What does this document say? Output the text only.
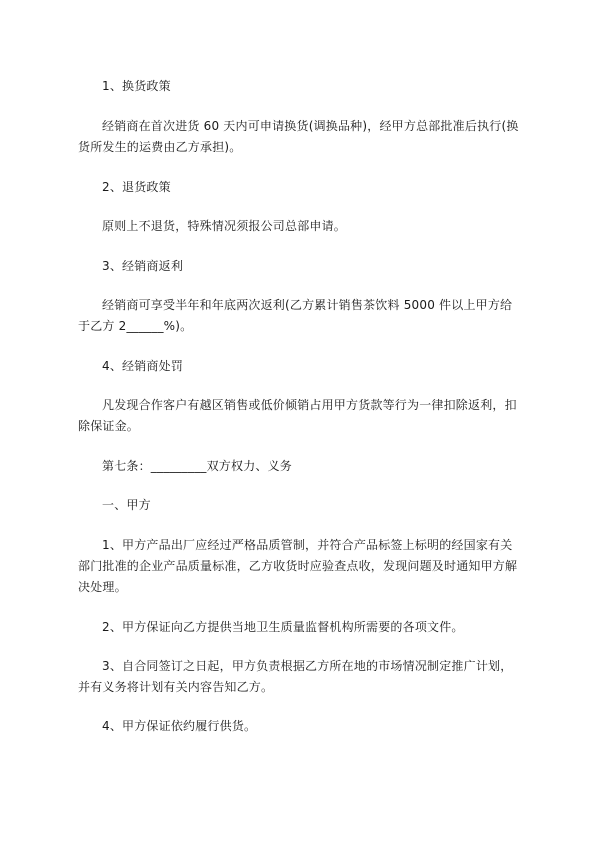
1、换货政策

经销商在首次进货 60 天内可申请换货(调换品种)，经甲方总部批准后执行(换货所发生的运费由乙方承担)。

2、退货政策

原则上不退货，特殊情况须报公司总部申请。

3、经销商返利

经销商可享受半年和年底两次返利(乙方累计销售茶饮料 5000 件以上甲方给于乙方 2______%)。

4、经销商处罚

凡发现合作客户有越区销售或低价倾销占用甲方货款等行为一律扣除返利，扣除保证金。

第七条：_________双方权力、义务

一、甲方

1、甲方产品出厂应经过严格品质管制，并符合产品标签上标明的经国家有关部门批准的企业产品质量标准，乙方收货时应验查点收，发现问题及时通知甲方解决处理。

2、甲方保证向乙方提供当地卫生质量监督机构所需要的各项文件。

3、自合同签订之日起，甲方负责根据乙方所在地的市场情况制定推广计划，并有义务将计划有关内容告知乙方。

4、甲方保证依约履行供货。
